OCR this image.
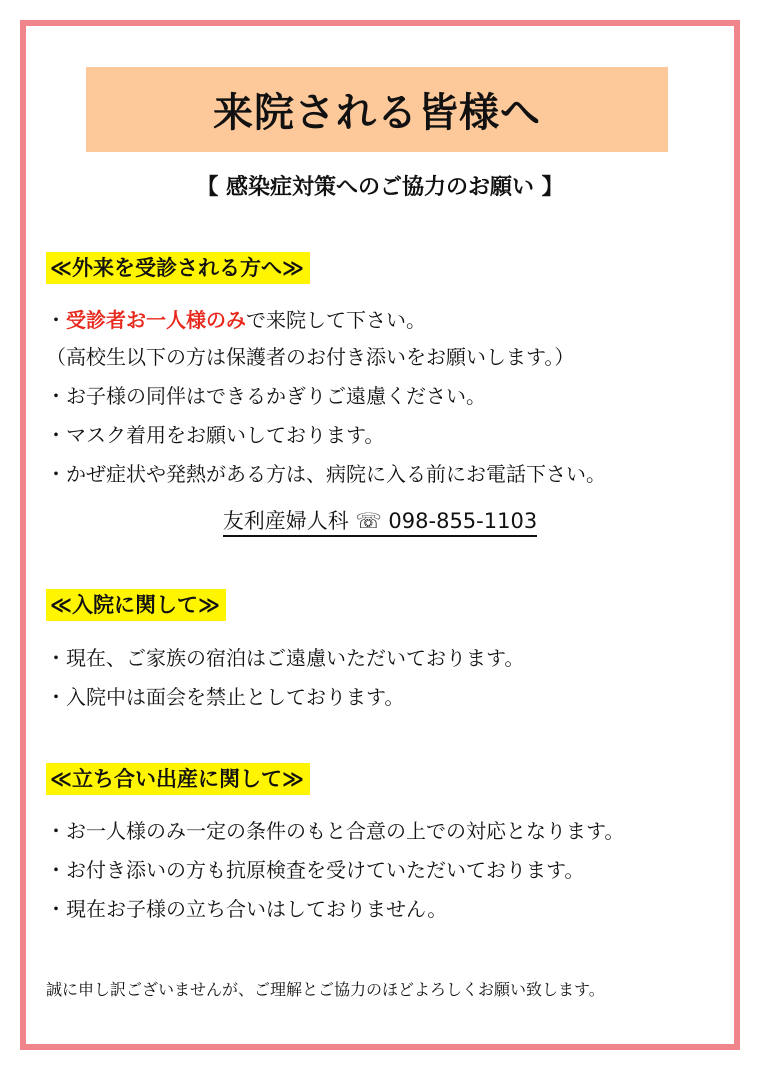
来院される皆様へ
【 感染症対策へのご協力のお願い 】
≪外来を受診される方へ≫
・受診者お一人様のみで来院して下さい。
（高校生以下の方は保護者のお付き添いをお願いします。）
・お子様の同伴はできるかぎりご遠慮ください。
・マスク着用をお願いしております。
・かぜ症状や発熱がある方は、病院に入る前にお電話下さい。
友利産婦人科 ☏ 098-855-1103
≪入院に関して≫
・現在、ご家族の宿泊はご遠慮いただいております。
・入院中は面会を禁止としております。
≪立ち合い出産に関して≫
・お一人様のみ一定の条件のもと合意の上での対応となります。
・お付き添いの方も抗原検査を受けていただいております。
・現在お子様の立ち合いはしておりません。
誠に申し訳ございませんが、ご理解とご協力のほどよろしくお願い致します。
